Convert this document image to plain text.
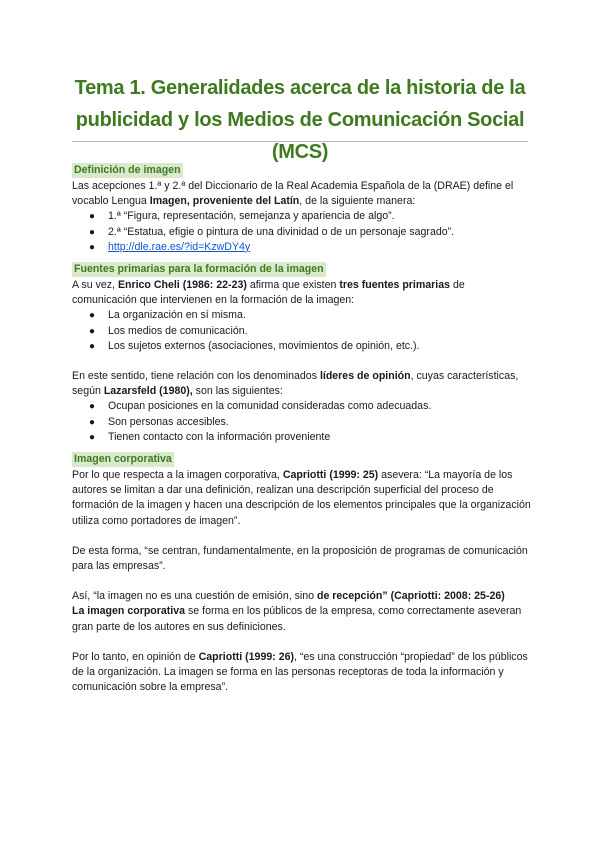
Tema 1. Generalidades acerca de la historia de la publicidad y los Medios de Comunicación Social (MCS)
Definición de imagen

Las acepciones 1.ª y 2.ª del Diccionario de la Real Academia Española de la (DRAE) define el vocablo Lengua Imagen, proveniente del Latín, de la siguiente manera:

● 1.ª “Figura, representación, semejanza y apariencia de algo”.
● 2.ª “Estatua, efigie o pintura de una divinidad o de un personaje sagrado”.
● http://dle.rae.es/?id=KzwDY4y
Fuentes primarias para la formación de la imagen

A su vez, Enrico Cheli (1986: 22-23) afirma que existen tres fuentes primarias de comunicación que intervienen en la formación de la imagen:

● La organización en sí misma.
● Los medios de comunicación.
● Los sujetos externos (asociaciones, movimientos de opinión, etc.).

En este sentido, tiene relación con los denominados líderes de opinión, cuyas características, según Lazarsfeld (1980), son las siguientes:

● Ocupan posiciones en la comunidad consideradas como adecuadas.
● Son personas accesibles.
● Tienen contacto con la información proveniente
Imagen corporativa

Por lo que respecta a la imagen corporativa, Capriotti (1999: 25) asevera: “La mayoría de los autores se limitan a dar una definición, realizan una descripción superficial del proceso de formación de la imagen y hacen una descripción de los elementos principales que la organización utiliza como portadores de imagen”.

De esta forma, “se centran, fundamentalmente, en la proposición de programas de comunicación para las empresas”.

Así, “la imagen no es una cuestión de emisión, sino de recepción” (Capriotti: 2008: 25-26)
La imagen corporativa se forma en los públicos de la empresa, como correctamente aseveran gran parte de los autores en sus definiciones.

Por lo tanto, en opinión de Capriotti (1999: 26), “es una construcción “propiedad” de los públicos de la organización. La imagen se forma en las personas receptoras de toda la información y comunicación sobre la empresa”.
